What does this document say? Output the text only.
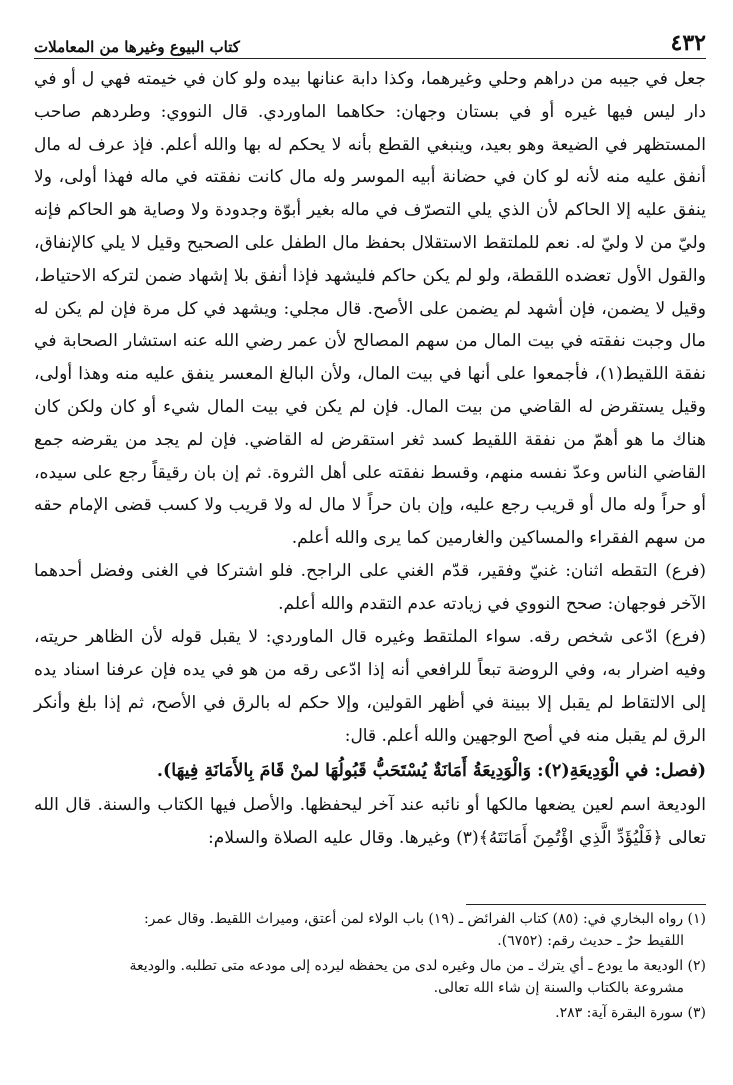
٤٣٢
كتاب البيوع وغيرها من المعاملات

جعل في جيبه من دراهم وحلي وغيرهما، وكذا دابة عنانها بيده ولو كان في خيمته فهي ل أو في دار ليس فيها غيره أو في بستان وجهان: حكاهما الماوردي. قال النووي: وطردهم صاحب المستظهر في الضيعة وهو بعيد، وينبغي القطع بأنه لا يحكم له بها والله أعلم. فإذ عرف له مال أنفق عليه منه لأنه لو كان في حضانة أبيه الموسر وله مال كانت نفقته في ماله فهذا أولى، ولا ينفق عليه إلا الحاكم لأن الذي يلي التصرّف في ماله بغير أبوّة وجدودة ولا وصاية هو الحاكم فإنه وليّ من لا وليّ له. نعم للملتقط الاستقلال بحفظ مال الطفل على الصحيح وقيل لا يلي كالإنفاق، والقول الأول تعضده اللقطة، ولو لم يكن حاكم فليشهد فإذا أنفق بلا إشهاد ضمن لتركه الاحتياط، وقيل لا يضمن، فإن أشهد لم يضمن على الأصح. قال مجلي: ويشهد في كل مرة فإن لم يكن له مال وجبت نفقته في بيت المال من سهم المصالح لأن عمر رضي الله عنه استشار الصحابة في نفقة اللقيط(١)، فأجمعوا على أنها في بيت المال، ولأن البالغ المعسر ينفق عليه منه وهذا أولى، وقيل يستقرض له القاضي من بيت المال. فإن لم يكن في بيت المال شيء أو كان ولكن كان هناك ما هو أهمّ من نفقة اللقيط كسد ثغر استقرض له القاضي. فإن لم يجد من يقرضه جمع القاضي الناس وعدّ نفسه منهم، وقسط نفقته على أهل الثروة. ثم إن بان رقيقاً رجع على سيده، أو حراً وله مال أو قريب رجع عليه، وإن بان حراً لا مال له ولا قريب ولا كسب قضى الإمام حقه من سهم الفقراء والمساكين والغارمين كما يرى والله أعلم.

(فرع) التقطه اثنان: غنيّ وفقير، قدّم الغني على الراجح. فلو اشتركا في الغنى وفضل أحدهما الآخر فوجهان: صحح النووي في زيادته عدم التقدم والله أعلم.

(فرع) ادّعى شخص رقه. سواء الملتقط وغيره قال الماوردي: لا يقبل قوله لأن الظاهر حريته، وفيه اضرار به، وفي الروضة تبعاً للرافعي أنه إذا ادّعى رقه من هو في يده فإن عرفنا اسناد يده إلى الالتقاط لم يقبل إلا ببينة في أظهر القولين، وإلا حكم له بالرق في الأصح، ثم إذا بلغ وأنكر الرق لم يقبل منه في أصح الوجهين والله أعلم. قال:

(فصل: في الْوَدِيعَةِ(٢): وَالْوَدِيعَةُ أَمَانَةٌ يُسْتَحَبُّ قَبُولُهَا لمنْ قَامَ بِالأَمَانَةِ فِيهَا).

الوديعة اسم لعين يضعها مالكها أو نائبه عند آخر ليحفظها. والأصل فيها الكتاب والسنة. قال الله تعالى ﴿فَلْيُؤَدِّ الَّذِي اؤْتُمِنَ أَمَانَتَهُ﴾(٣) وغيرها. وقال عليه الصلاة والسلام:

(١) رواه البخاري في: (٨٥) كتاب الفرائض ـ (١٩) باب الولاء لمن أعتق، وميراث اللقيط. وقال عمر:
اللقيط حرٌ ـ حديث رقم: (٦٧٥٢).

(٢) الوديعة ما يودع ـ أي يترك ـ من مال وغيره لدى من يحفظه ليرده إلى مودعه متى تطلبه. والوديعة
مشروعة بالكتاب والسنة إن شاء الله تعالى.

(٣) سورة البقرة آية: ٢٨٣.
